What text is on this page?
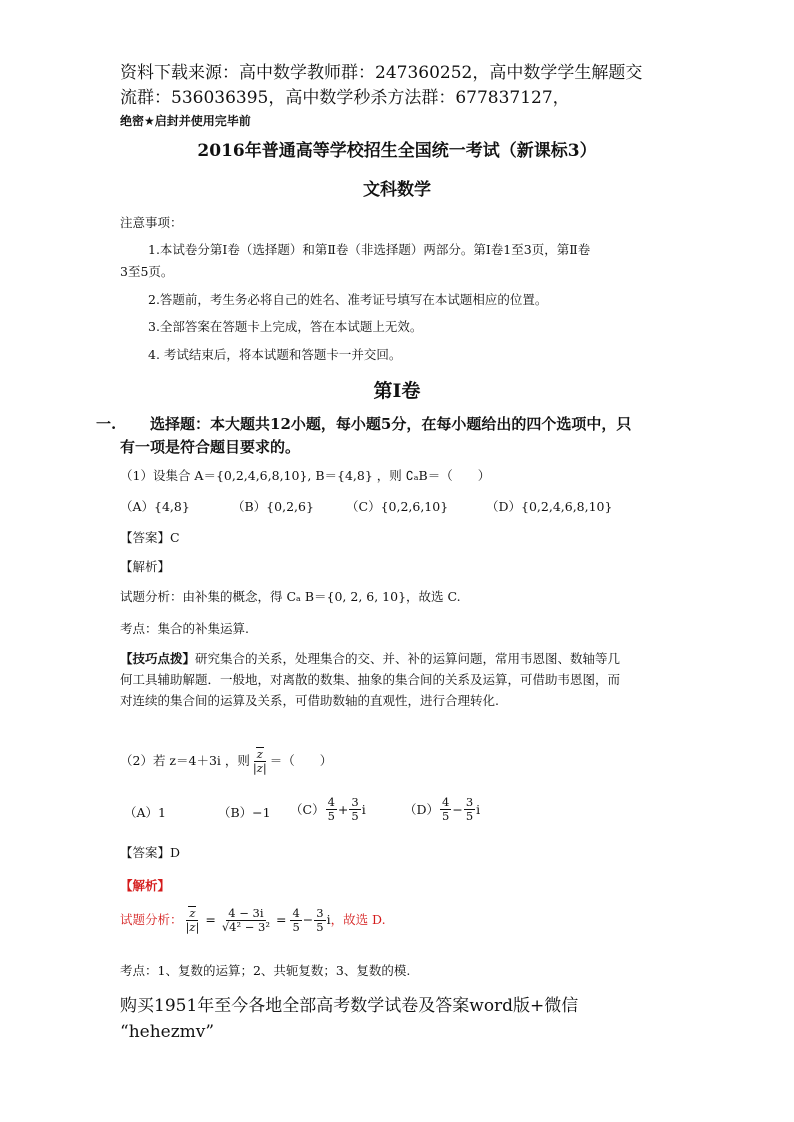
资料下载来源：高中数学教师群：247360252，高中数学学生解题交
流群：536036395，高中数学秒杀方法群：677837127，
绝密★启封并使用完毕前
2016年普通高等学校招生全国统一考试（新课标3）
文科数学
注意事项：
1.本试卷分第Ⅰ卷（选择题）和第Ⅱ卷（非选择题）两部分。第Ⅰ卷1至3页，第Ⅱ卷
3至5页。
2.答题前，考生务必将自己的姓名、准考证号填写在本试题相应的位置。
3.全部答案在答题卡上完成，答在本试题上无效。
4. 考试结束后，将本试题和答题卡一并交回。
第Ⅰ卷
一. 选择题：本大题共12小题，每小题5分，在每小题给出的四个选项中，只
有一项是符合题目要求的。
（1）设集合 A＝{0,2,4,6,8,10}, B＝{4,8} ，则 ∁ₐB＝（　　）
（A）{4,8}	（B）{0,2,6}	（C）{0,2,6,10}	（D）{0,2,4,6,8,10}
【答案】C
【解析】
试题分析：由补集的概念，得 Cₐ B＝{0, 2, 6, 10}，故选 C.
考点：集合的补集运算.
【技巧点拨】研究集合的关系，处理集合的交、并、补的运算问题，常用韦恩图、数轴等几
何工具辅助解题．一般地，对离散的数集、抽象的集合间的关系及运算，可借助韦恩图，而
对连续的集合间的运算及关系，可借助数轴的直观性，进行合理转化.
（2）若 z＝4＋3i ，则 $\frac{z}{|z|}$ ＝（　　）
（A）1	（B）−1 $(C) \frac{4}{5} + \frac{3}{5}$ i	$(D) \frac{4}{5} - \frac{3}{5}$ i
【答案】D
【解析】
试题分析： $\frac{z}{|z|} = \frac{4 - 3i}{\text{√4² − 3²}} = \frac{4}{5} - \frac{3}{5}$ i ，故选 D.
考点：1、复数的运算；2、共轭复数；3、复数的模.
购买1951年至今各地全部高考数学试卷及答案word版+微信
“hehezmv”
